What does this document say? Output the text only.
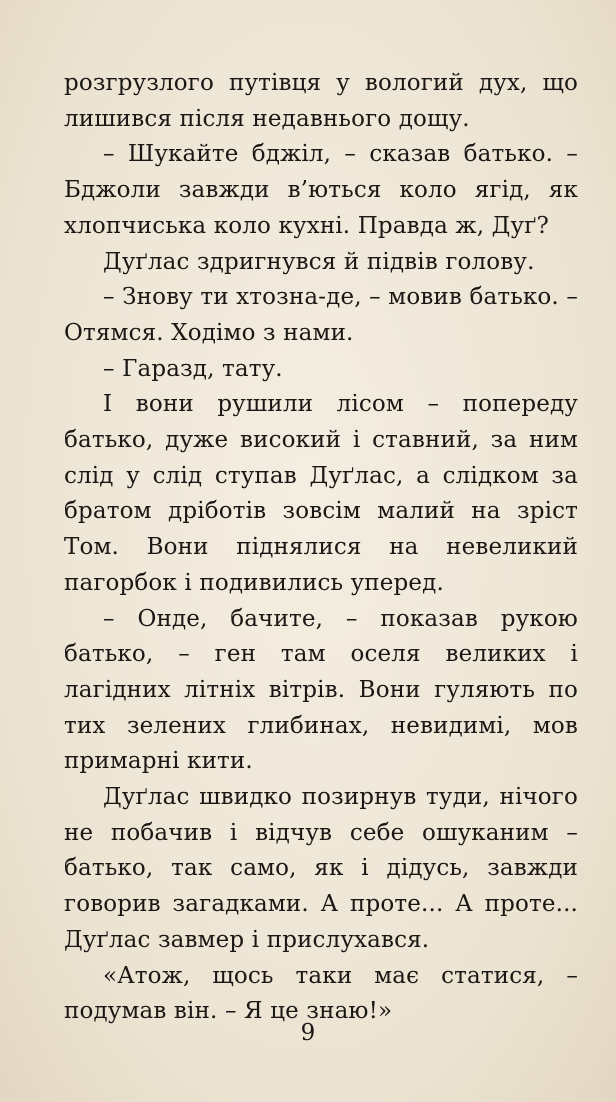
розгрузлого путівця у вологий дух, що лишився після недавнього дощу.

– Шукайте бджіл, – сказав батько. – Бджоли завжди в’ються коло ягід, як хлопчиська коло кухні. Правда ж, Дуґ?

Дуґлас здригнувся й підвів голову.

– Знову ти хтозна-де, – мовив батько. – Отямся. Ходімо з нами.

– Гаразд, тату.

І вони рушили лісом – попереду батько, дуже високий і ставний, за ним слід у слід ступав Дуґлас, а слідком за братом дріботів зовсім малий на зріст Том. Вони піднялися на невеликий пагорбок і подивились уперед.

– Онде, бачите, – показав рукою батько, – ген там оселя великих і лагідних літніх вітрів. Вони гуляють по тих зелених глибинах, невидимі, мов примарні кити.

Дуґлас швидко позирнув туди, нічого не побачив і відчув себе ошуканим – батько, так само, як і дідусь, завжди говорив загадками. А проте... А проте... Дуґлас завмер і прислухався.

«Атож, щось таки має статися, – подумав він. – Я це знаю!»

9
